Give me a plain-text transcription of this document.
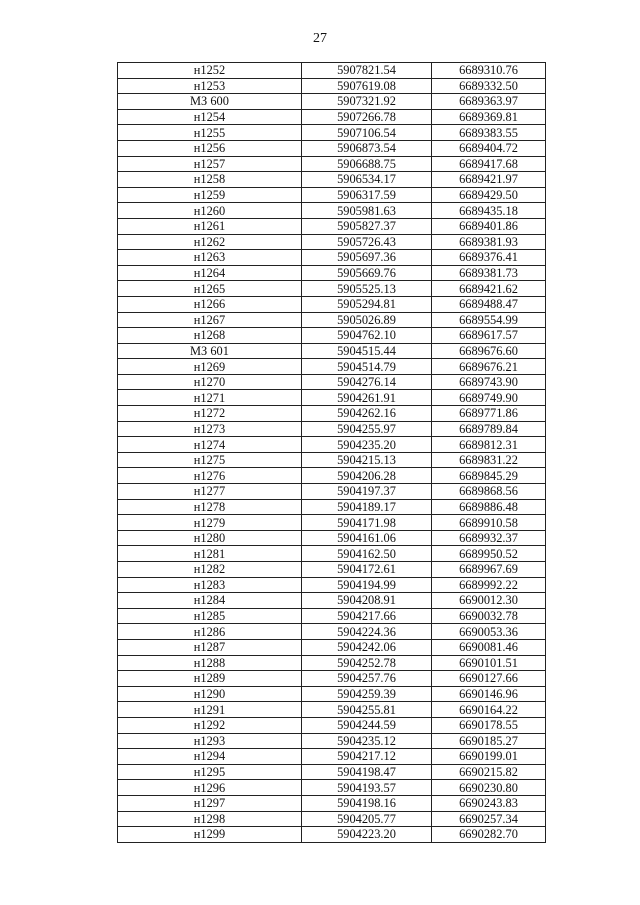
27
н1252	5907821.54	6689310.76
н1253	5907619.08	6689332.50
МЗ 600	5907321.92	6689363.97
н1254	5907266.78	6689369.81
н1255	5907106.54	6689383.55
н1256	5906873.54	6689404.72
н1257	5906688.75	6689417.68
н1258	5906534.17	6689421.97
н1259	5906317.59	6689429.50
н1260	5905981.63	6689435.18
н1261	5905827.37	6689401.86
н1262	5905726.43	6689381.93
н1263	5905697.36	6689376.41
н1264	5905669.76	6689381.73
н1265	5905525.13	6689421.62
н1266	5905294.81	6689488.47
н1267	5905026.89	6689554.99
н1268	5904762.10	6689617.57
МЗ 601	5904515.44	6689676.60
н1269	5904514.79	6689676.21
н1270	5904276.14	6689743.90
н1271	5904261.91	6689749.90
н1272	5904262.16	6689771.86
н1273	5904255.97	6689789.84
н1274	5904235.20	6689812.31
н1275	5904215.13	6689831.22
н1276	5904206.28	6689845.29
н1277	5904197.37	6689868.56
н1278	5904189.17	6689886.48
н1279	5904171.98	6689910.58
н1280	5904161.06	6689932.37
н1281	5904162.50	6689950.52
н1282	5904172.61	6689967.69
н1283	5904194.99	6689992.22
н1284	5904208.91	6690012.30
н1285	5904217.66	6690032.78
н1286	5904224.36	6690053.36
н1287	5904242.06	6690081.46
н1288	5904252.78	6690101.51
н1289	5904257.76	6690127.66
н1290	5904259.39	6690146.96
н1291	5904255.81	6690164.22
н1292	5904244.59	6690178.55
н1293	5904235.12	6690185.27
н1294	5904217.12	6690199.01
н1295	5904198.47	6690215.82
н1296	5904193.57	6690230.80
н1297	5904198.16	6690243.83
н1298	5904205.77	6690257.34
н1299	5904223.20	6690282.70
